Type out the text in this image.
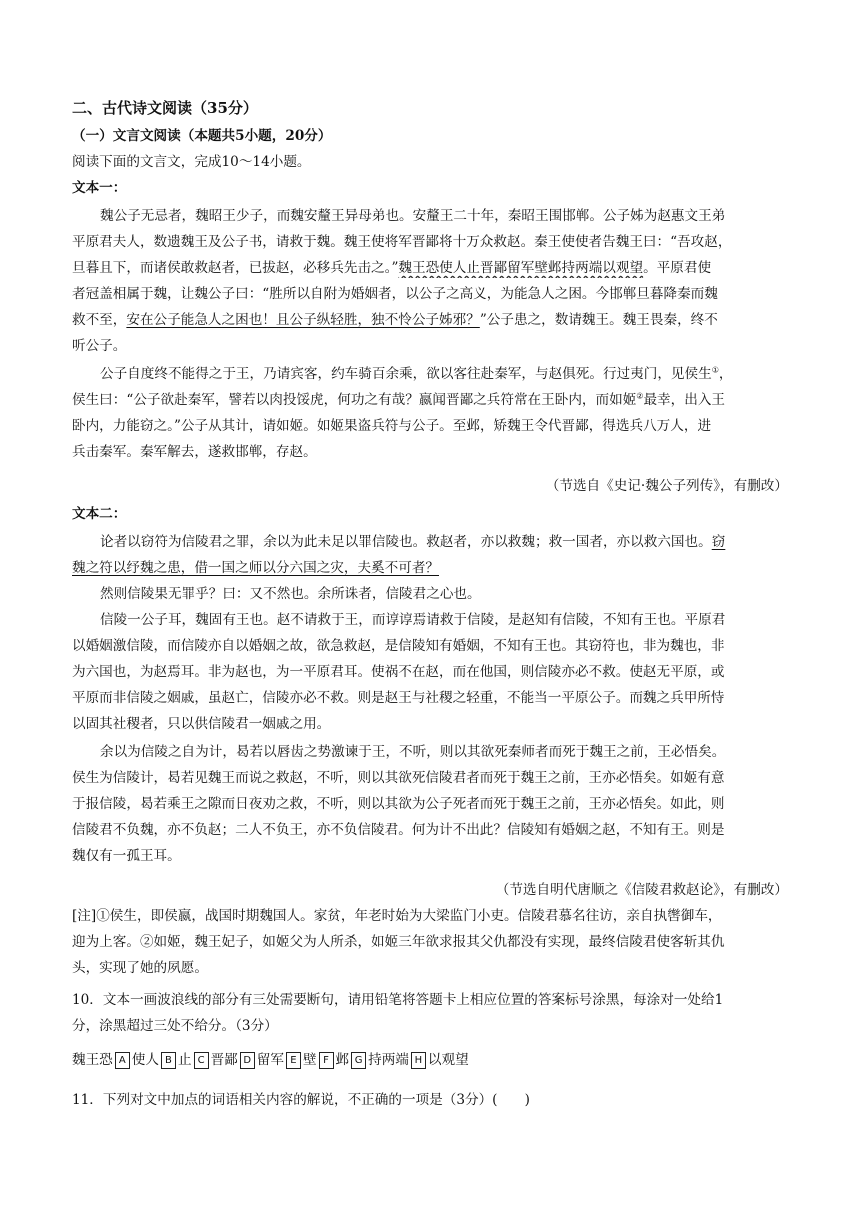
二、古代诗文阅读（35分）
（一）文言文阅读（本题共5小题，20分）
阅读下面的文言文，完成10～14小题。
文本一：
魏公子无忌者，魏昭王少子，而魏安釐王异母弟也。安釐王二十年，秦昭王围邯郸。公子姊为赵惠文王弟
平原君夫人，数遗魏王及公子书，请救于魏。魏王使将军晋鄙将十万众救赵。秦王使使者告魏王曰：“吾攻赵，
旦暮且下，而诸侯敢救赵者，已拔赵，必移兵先击之。”魏王恐使人止晋鄙留军壁邺持两端以观望。平原君使
者冠盖相属于魏，让魏公子曰：“胜所以自附为婚姻者，以公子之高义，为能急人之困。今邯郸旦暮降秦而魏
救不至，安在公子能急人之困也！且公子纵轻胜，独不怜公子姊邪？”公子患之，数请魏王。魏王畏秦，终不
听公子。
公子自度终不能得之于王，乃请宾客，约车骑百余乘，欲以客往赴秦军，与赵俱死。行过夷门，见侯生①，
侯生曰：“公子欲赴秦军，譬若以肉投馁虎，何功之有哉？嬴闻晋鄙之兵符常在王卧内，而如姬②最幸，出入王
卧内，力能窃之。”公子从其计，请如姬。如姬果盗兵符与公子。至邺，矫魏王令代晋鄙，得选兵八万人，进
兵击秦军。秦军解去，遂救邯郸，存赵。
（节选自《史记·魏公子列传》，有删改）
文本二：
论者以窃符为信陵君之罪，余以为此未足以罪信陵也。救赵者，亦以救魏；救一国者，亦以救六国也。窃
魏之符以纾魏之患，借一国之师以分六国之灾，夫奚不可者？
然则信陵果无罪乎？曰：又不然也。余所诛者，信陵君之心也。
信陵一公子耳，魏固有王也。赵不请救于王，而谆谆焉请救于信陵，是赵知有信陵，不知有王也。平原君
以婚姻激信陵，而信陵亦自以婚姻之故，欲急救赵，是信陵知有婚姻，不知有王也。其窃符也，非为魏也，非
为六国也，为赵焉耳。非为赵也，为一平原君耳。使祸不在赵，而在他国，则信陵亦必不救。使赵无平原，或
平原而非信陵之姻戚，虽赵亡，信陵亦必不救。则是赵王与社稷之轻重，不能当一平原公子。而魏之兵甲所恃
以固其社稷者，只以供信陵君一姻戚之用。
余以为信陵之自为计，曷若以唇齿之势激谏于王，不听，则以其欲死秦师者而死于魏王之前，王必悟矣。
侯生为信陵计，曷若见魏王而说之救赵，不听，则以其欲死信陵君者而死于魏王之前，王亦必悟矣。如姬有意
于报信陵，曷若乘王之隙而日夜劝之救，不听，则以其欲为公子死者而死于魏王之前，王亦必悟矣。如此，则
信陵君不负魏，亦不负赵；二人不负王，亦不负信陵君。何为计不出此？信陵知有婚姻之赵，不知有王。则是
魏仅有一孤王耳。
（节选自明代唐顺之《信陵君救赵论》，有删改）
[注]①侯生，即侯嬴，战国时期魏国人。家贫，年老时始为大梁监门小吏。信陵君慕名往访，亲自执辔御车，
迎为上客。②如姬，魏王妃子，如姬父为人所杀，如姬三年欲求报其父仇都没有实现，最终信陵君使客斩其仇
头，实现了她的夙愿。
10．文本一画波浪线的部分有三处需要断句，请用铅笔将答题卡上相应位置的答案标号涂黑，每涂对一处给1
分，涂黑超过三处不给分。（3分）
魏王恐 A 使人 B 止 C 晋鄙 D 留军 E 壁 F 邺 G 持两端 H 以观望
11．下列对文中加点的词语相关内容的解说，不正确的一项是（3分）(　　)
